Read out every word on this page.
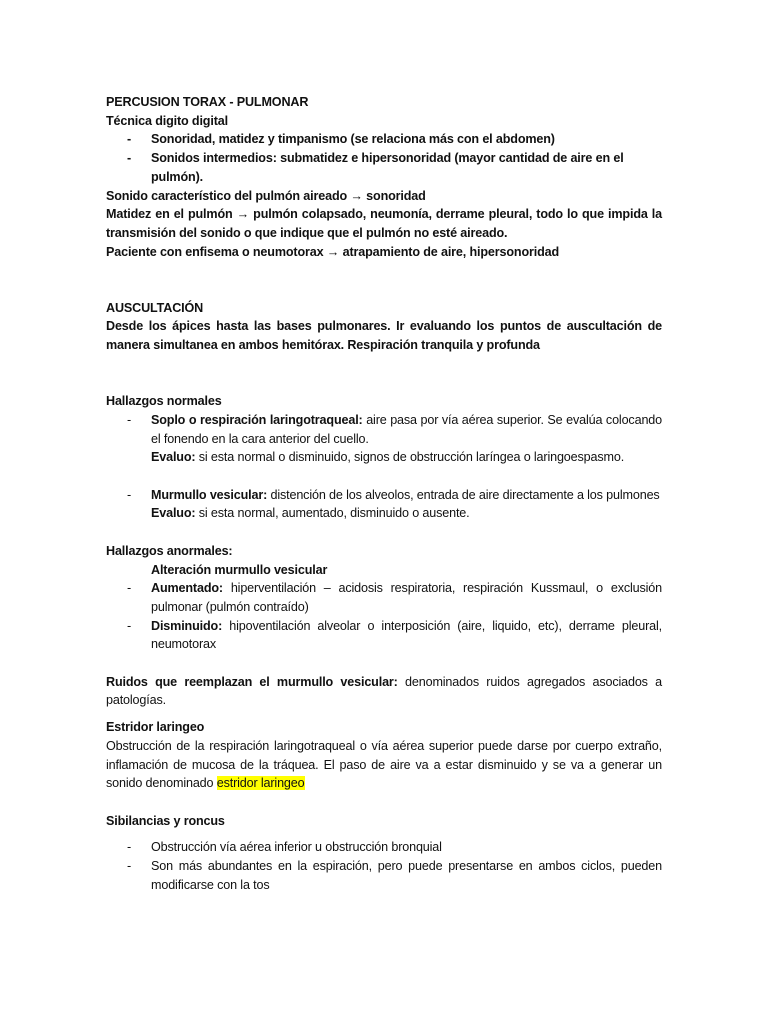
PERCUSION TORAX - PULMONAR

Técnica digito digital

- Sonoridad, matidez y timpanismo (se relaciona más con el abdomen)

- Sonidos intermedios: submatidez e hipersonoridad (mayor cantidad de aire en el pulmón).

Sonido característico del pulmón aireado → sonoridad

Matidez en el pulmón → pulmón colapsado, neumonía, derrame pleural, todo lo que impida la transmisión del sonido o que indique que el pulmón no esté aireado.

Paciente con enfisema o neumotorax → atrapamiento de aire, hipersonoridad

AUSCULTACIÓN

Desde los ápices hasta las bases pulmonares. Ir evaluando los puntos de auscultación de manera simultanea en ambos hemitórax. Respiración tranquila y profunda

Hallazgos normales

- Soplo o respiración laringotraqueal: aire pasa por vía aérea superior. Se evalúa colocando el fonendo en la cara anterior del cuello.

Evaluo: si esta normal o disminuido, signos de obstrucción laríngea o laringoespasmo.

- Murmullo vesicular: distención de los alveolos, entrada de aire directamente a los pulmones

Evaluo: si esta normal, aumentado, disminuido o ausente.

Hallazgos anormales:

Alteración murmullo vesicular

- Aumentado: hiperventilación – acidosis respiratoria, respiración Kussmaul, o exclusión pulmonar (pulmón contraído)

- Disminuido: hipoventilación alveolar o interposición (aire, liquido, etc), derrame pleural, neumotorax

Ruidos que reemplazan el murmullo vesicular: denominados ruidos agregados asociados a patologías.

Estridor laringeo

Obstrucción de la respiración laringotraqueal o vía aérea superior puede darse por cuerpo extraño, inflamación de mucosa de la tráquea. El paso de aire va a estar disminuido y se va a generar un sonido denominado estridor laringeo

Sibilancias y roncus

- Obstrucción vía aérea inferior u obstrucción bronquial

- Son más abundantes en la espiración, pero puede presentarse en ambos ciclos, pueden modificarse con la tos
